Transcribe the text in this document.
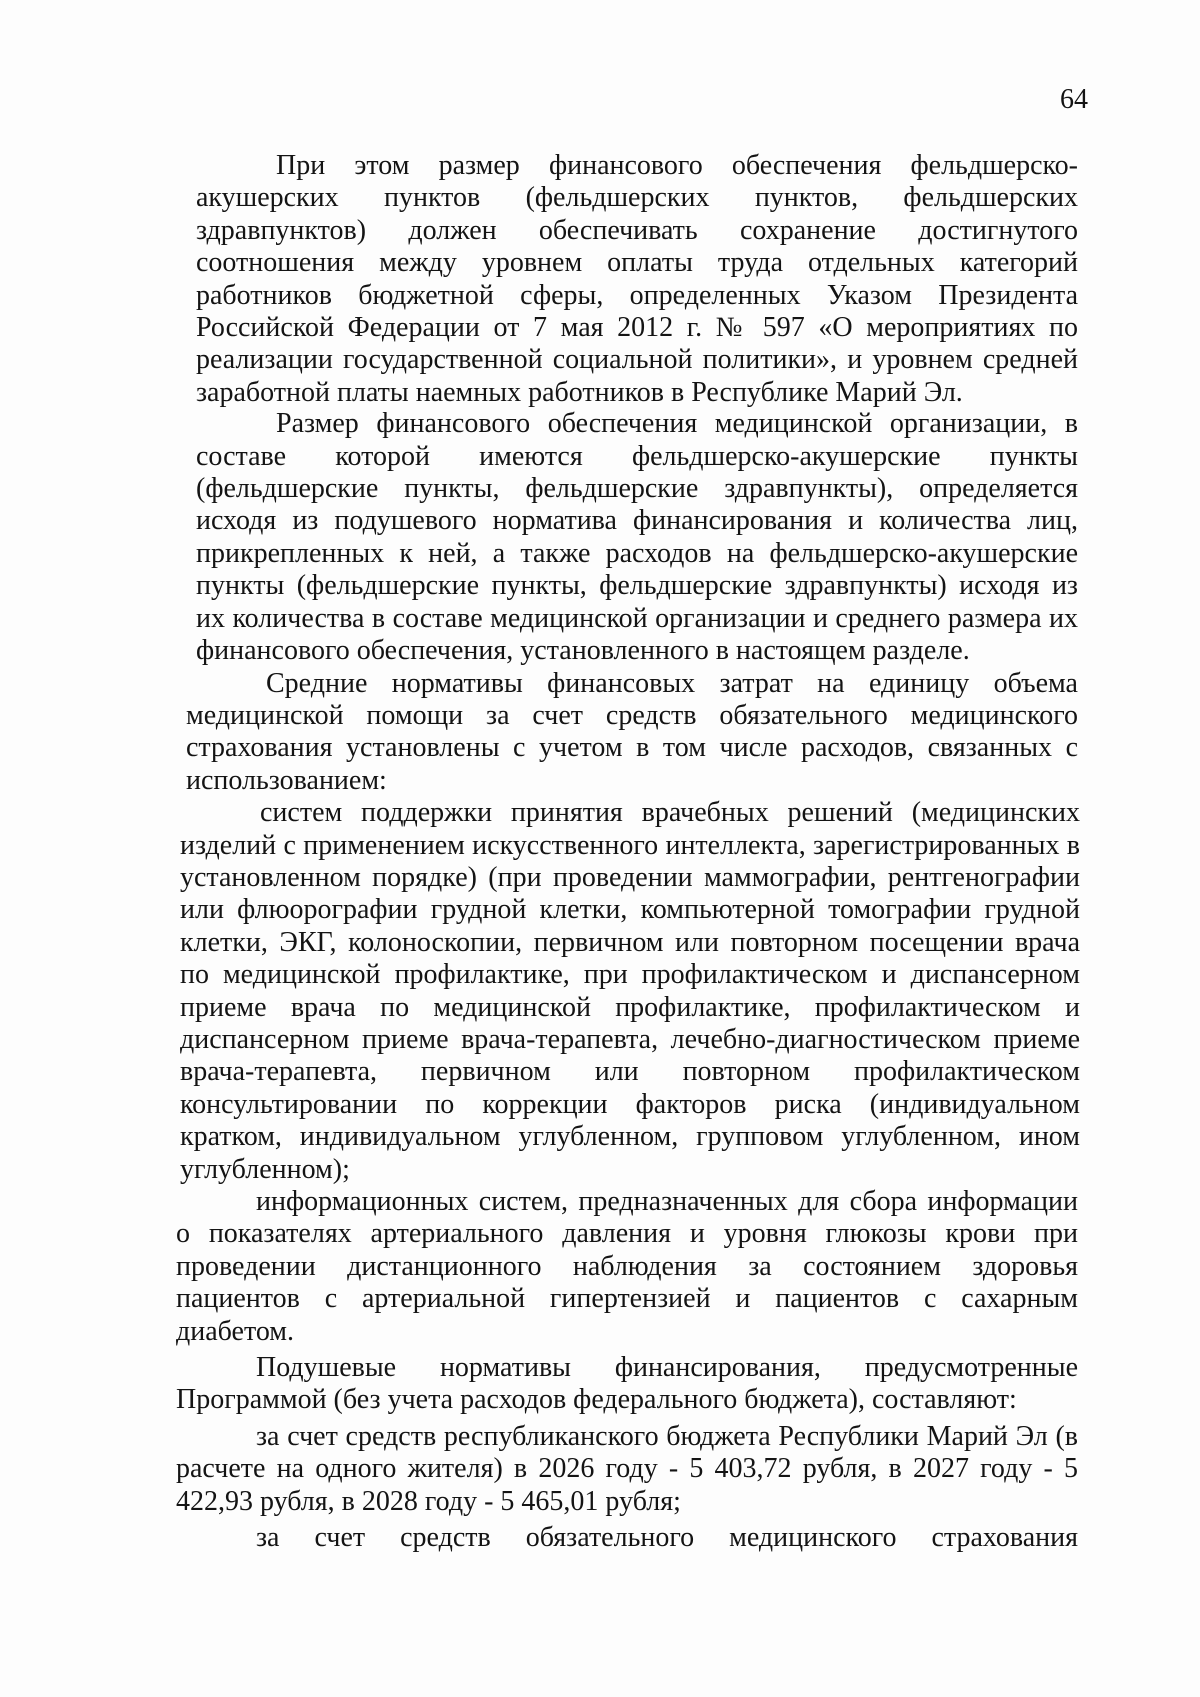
64

При этом размер финансового обеспечения фельдшерско-акушерских пунктов (фельдшерских пунктов, фельдшерских здравпунктов) должен обеспечивать сохранение достигнутого соотношения между уровнем оплаты труда отдельных категорий работников бюджетной сферы, определенных Указом Президента Российской Федерации от 7 мая 2012 г. № 597 «О мероприятиях по реализации государственной социальной политики», и уровнем средней заработной платы наемных работников в Республике Марий Эл.

Размер финансового обеспечения медицинской организации, в составе которой имеются фельдшерско-акушерские пункты (фельдшерские пункты, фельдшерские здравпункты), определяется исходя из подушевого норматива финансирования и количества лиц, прикрепленных к ней, а также расходов на фельдшерско-акушерские пункты (фельдшерские пункты, фельдшерские здравпункты) исходя из их количества в составе медицинской организации и среднего размера их финансового обеспечения, установленного в настоящем разделе.

Средние нормативы финансовых затрат на единицу объема медицинской помощи за счет средств обязательного медицинского страхования установлены с учетом в том числе расходов, связанных с использованием:

систем поддержки принятия врачебных решений (медицинских изделий с применением искусственного интеллекта, зарегистрированных в установленном порядке) (при проведении маммографии, рентгенографии или флюорографии грудной клетки, компьютерной томографии грудной клетки, ЭКГ, колоноскопии, первичном или повторном посещении врача по медицинской профилактике, при профилактическом и диспансерном приеме врача по медицинской профилактике, профилактическом и диспансерном приеме врача-терапевта, лечебно-диагностическом приеме врача-терапевта, первичном или повторном профилактическом консультировании по коррекции факторов риска (индивидуальном кратком, индивидуальном углубленном, групповом углубленном, ином углубленном);

информационных систем, предназначенных для сбора информации о показателях артериального давления и уровня глюкозы крови при проведении дистанционного наблюдения за состоянием здоровья пациентов с артериальной гипертензией и пациентов с сахарным диабетом.

Подушевые нормативы финансирования, предусмотренные Программой (без учета расходов федерального бюджета), составляют:

за счет средств республиканского бюджета Республики Марий Эл (в расчете на одного жителя) в 2026 году - 5 403,72 рубля, в 2027 году - 5 422,93 рубля, в 2028 году - 5 465,01 рубля;

за счет средств обязательного медицинского страхования
